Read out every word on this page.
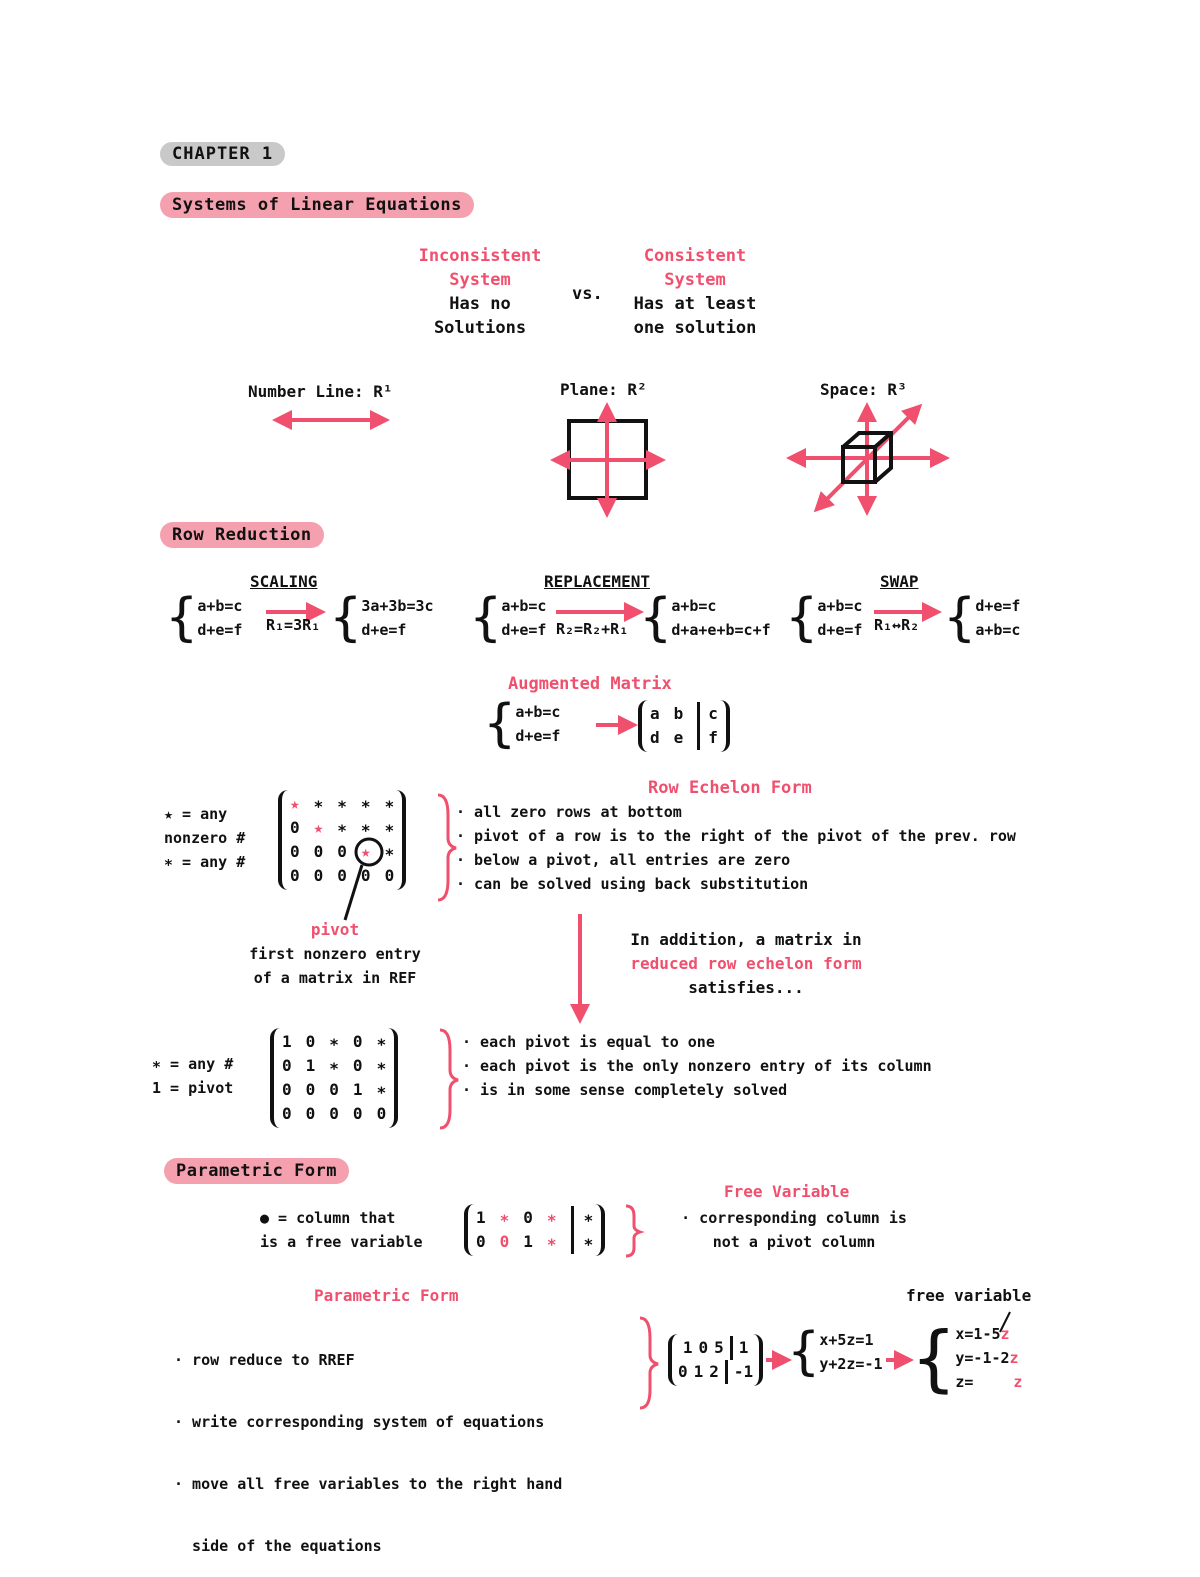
CHAPTER 1
Systems of Linear Equations
Inconsistent
System
Has no
Solutions
vs.
Consistent
System
Has at least
one solution
Number Line: R¹	Plane: R²	Space: R³
Row Reduction
SCALING
{ a+b=c
d+e=f R₁=3R₁ { 3a+3b=3c
d+e=f
REPLACEMENT
{ a+b=c
d+e=f R₂=R₂+R₁ { a+b=c
d+a+e+b=c+f
SWAP
{ a+b=c
d+e=f R₁↔R₂ { d+e=f
a+b=c
Augmented Matrix
{ a+b=c
d+e=f
a b	c
d e	f
★ = any
nonzero #
∗ = any #
★ ∗ ∗ ∗ ∗
0 ★ ∗ ∗ ∗
0 0 0 ★ ∗
0 0 0 0 0
Row Echelon Form
· all zero rows at bottom
· pivot of a row is to the right of the pivot of the prev. row
· below a pivot, all entries are zero
· can be solved using back substitution
pivot
first nonzero entry
of a matrix in REF
In addition, a matrix in
reduced row echelon form
satisfies...
∗ = any #
1 = pivot
1 0 ∗ 0 ∗
0 1 ∗ 0 ∗
0 0 0 1 ∗
0 0 0 0 0
· each pivot is equal to one
· each pivot is the only nonzero entry of its column
· is in some sense completely solved
Parametric Form
Free Variable
● = column that
is a free variable
1 ∗ 0 ∗	∗
0 0 1 ∗	∗
· corresponding column is
not a pivot column
Parametric Form

· row reduce to RREF

· write corresponding system of equations

· move all free variables to the right hand

side of the equations

1 0 5 1
0 1 2 -1 { x+5z=1
y+2z=-1
free variable
{ x=1-5z
y=-1-2z
z=	z
